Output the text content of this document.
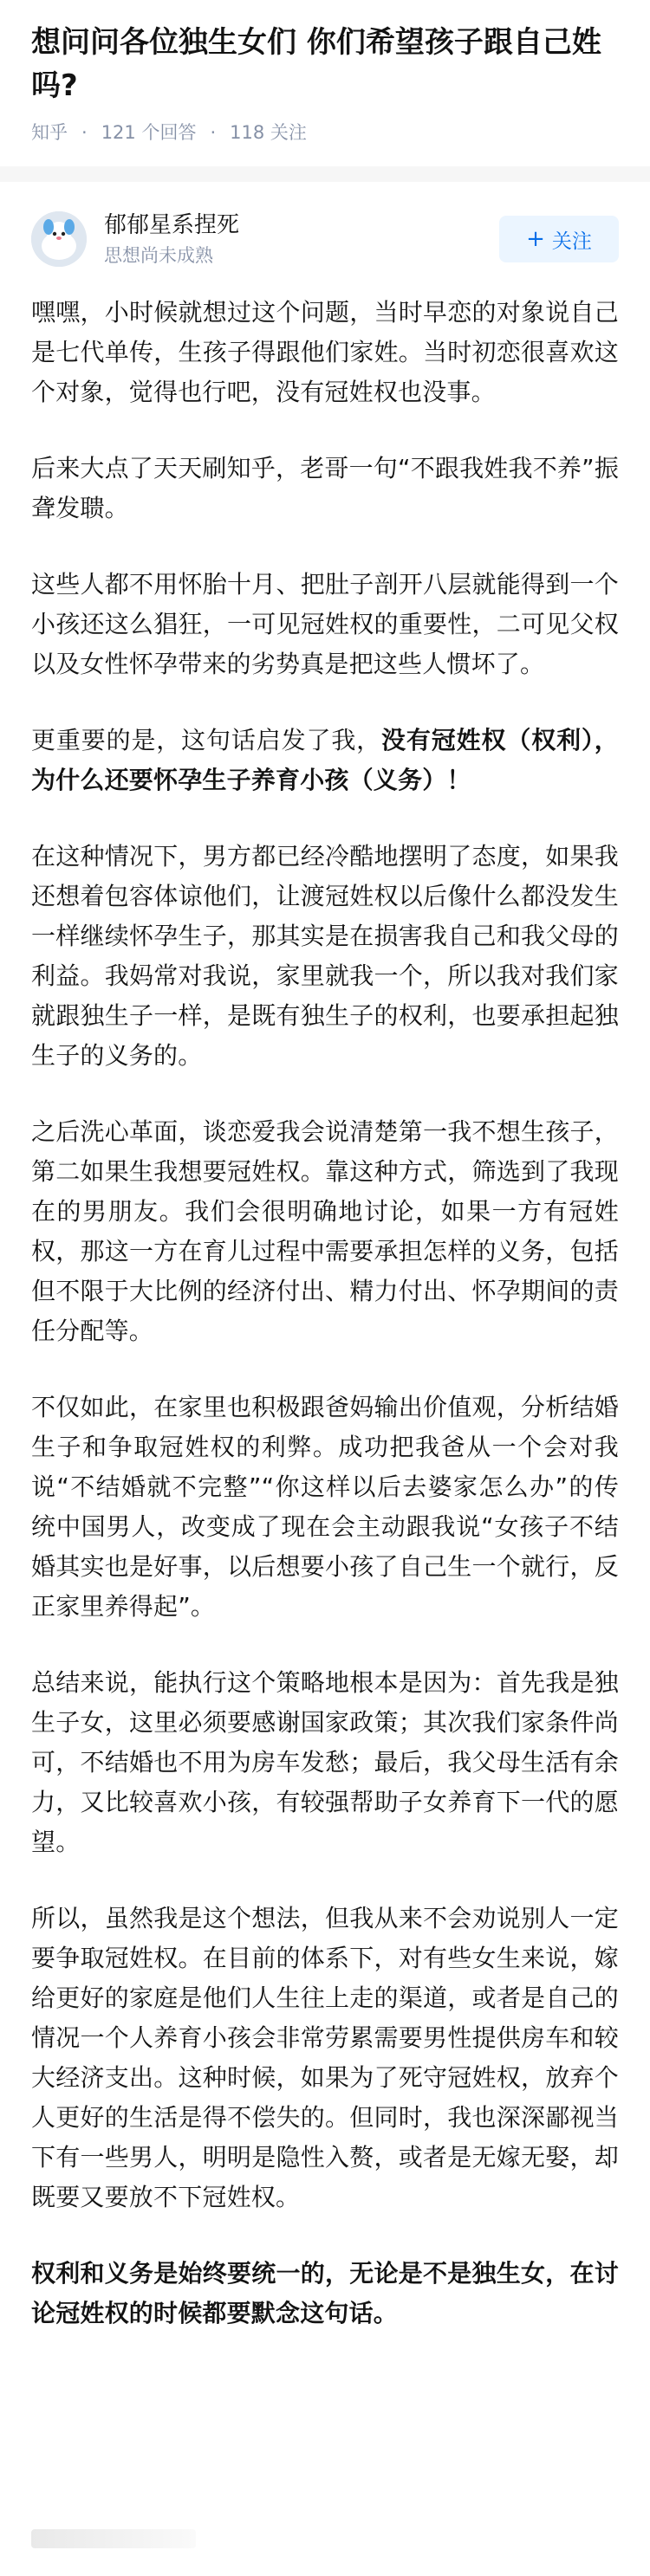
想问问各位独生女们 你们希望孩子跟自己姓吗?
知乎 · 121 个回答 · 118 关注
郁郁星系捏死
思想尚未成熟
+ 关注

嘿嘿，小时候就想过这个问题，当时早恋的对象说自己是七代单传，生孩子得跟他们家姓。当时初恋很喜欢这个对象，觉得也行吧，没有冠姓权也没事。

后来大点了天天刷知乎，老哥一句“不跟我姓我不养”振聋发聩。

这些人都不用怀胎十月、把肚子剖开八层就能得到一个小孩还这么猖狂，一可见冠姓权的重要性，二可见父权以及女性怀孕带来的劣势真是把这些人惯坏了。

更重要的是，这句话启发了我，没有冠姓权（权利），为什么还要怀孕生子养育小孩（义务）！

在这种情况下，男方都已经冷酷地摆明了态度，如果我还想着包容体谅他们，让渡冠姓权以后像什么都没发生一样继续怀孕生子，那其实是在损害我自己和我父母的利益。我妈常对我说，家里就我一个，所以我对我们家就跟独生子一样，是既有独生子的权利，也要承担起独生子的义务的。

之后洗心革面，谈恋爱我会说清楚第一我不想生孩子，第二如果生我想要冠姓权。靠这种方式，筛选到了我现在的男朋友。我们会很明确地讨论，如果一方有冠姓权，那这一方在育儿过程中需要承担怎样的义务，包括但不限于大比例的经济付出、精力付出、怀孕期间的责任分配等。

不仅如此，在家里也积极跟爸妈输出价值观，分析结婚生子和争取冠姓权的利弊。成功把我爸从一个会对我说“不结婚就不完整”“你这样以后去婆家怎么办”的传统中国男人，改变成了现在会主动跟我说“女孩子不结婚其实也是好事，以后想要小孩了自己生一个就行，反正家里养得起”。

总结来说，能执行这个策略地根本是因为：首先我是独生子女，这里必须要感谢国家政策；其次我们家条件尚可，不结婚也不用为房车发愁；最后，我父母生活有余力，又比较喜欢小孩，有较强帮助子女养育下一代的愿望。

所以，虽然我是这个想法，但我从来不会劝说别人一定要争取冠姓权。在目前的体系下，对有些女生来说，嫁给更好的家庭是他们人生往上走的渠道，或者是自己的情况一个人养育小孩会非常劳累需要男性提供房车和较大经济支出。这种时候，如果为了死守冠姓权，放弃个人更好的生活是得不偿失的。但同时，我也深深鄙视当下有一些男人，明明是隐性入赘，或者是无嫁无娶，却既要又要放不下冠姓权。

权利和义务是始终要统一的，无论是不是独生女，在讨论冠姓权的时候都要默念这句话。
